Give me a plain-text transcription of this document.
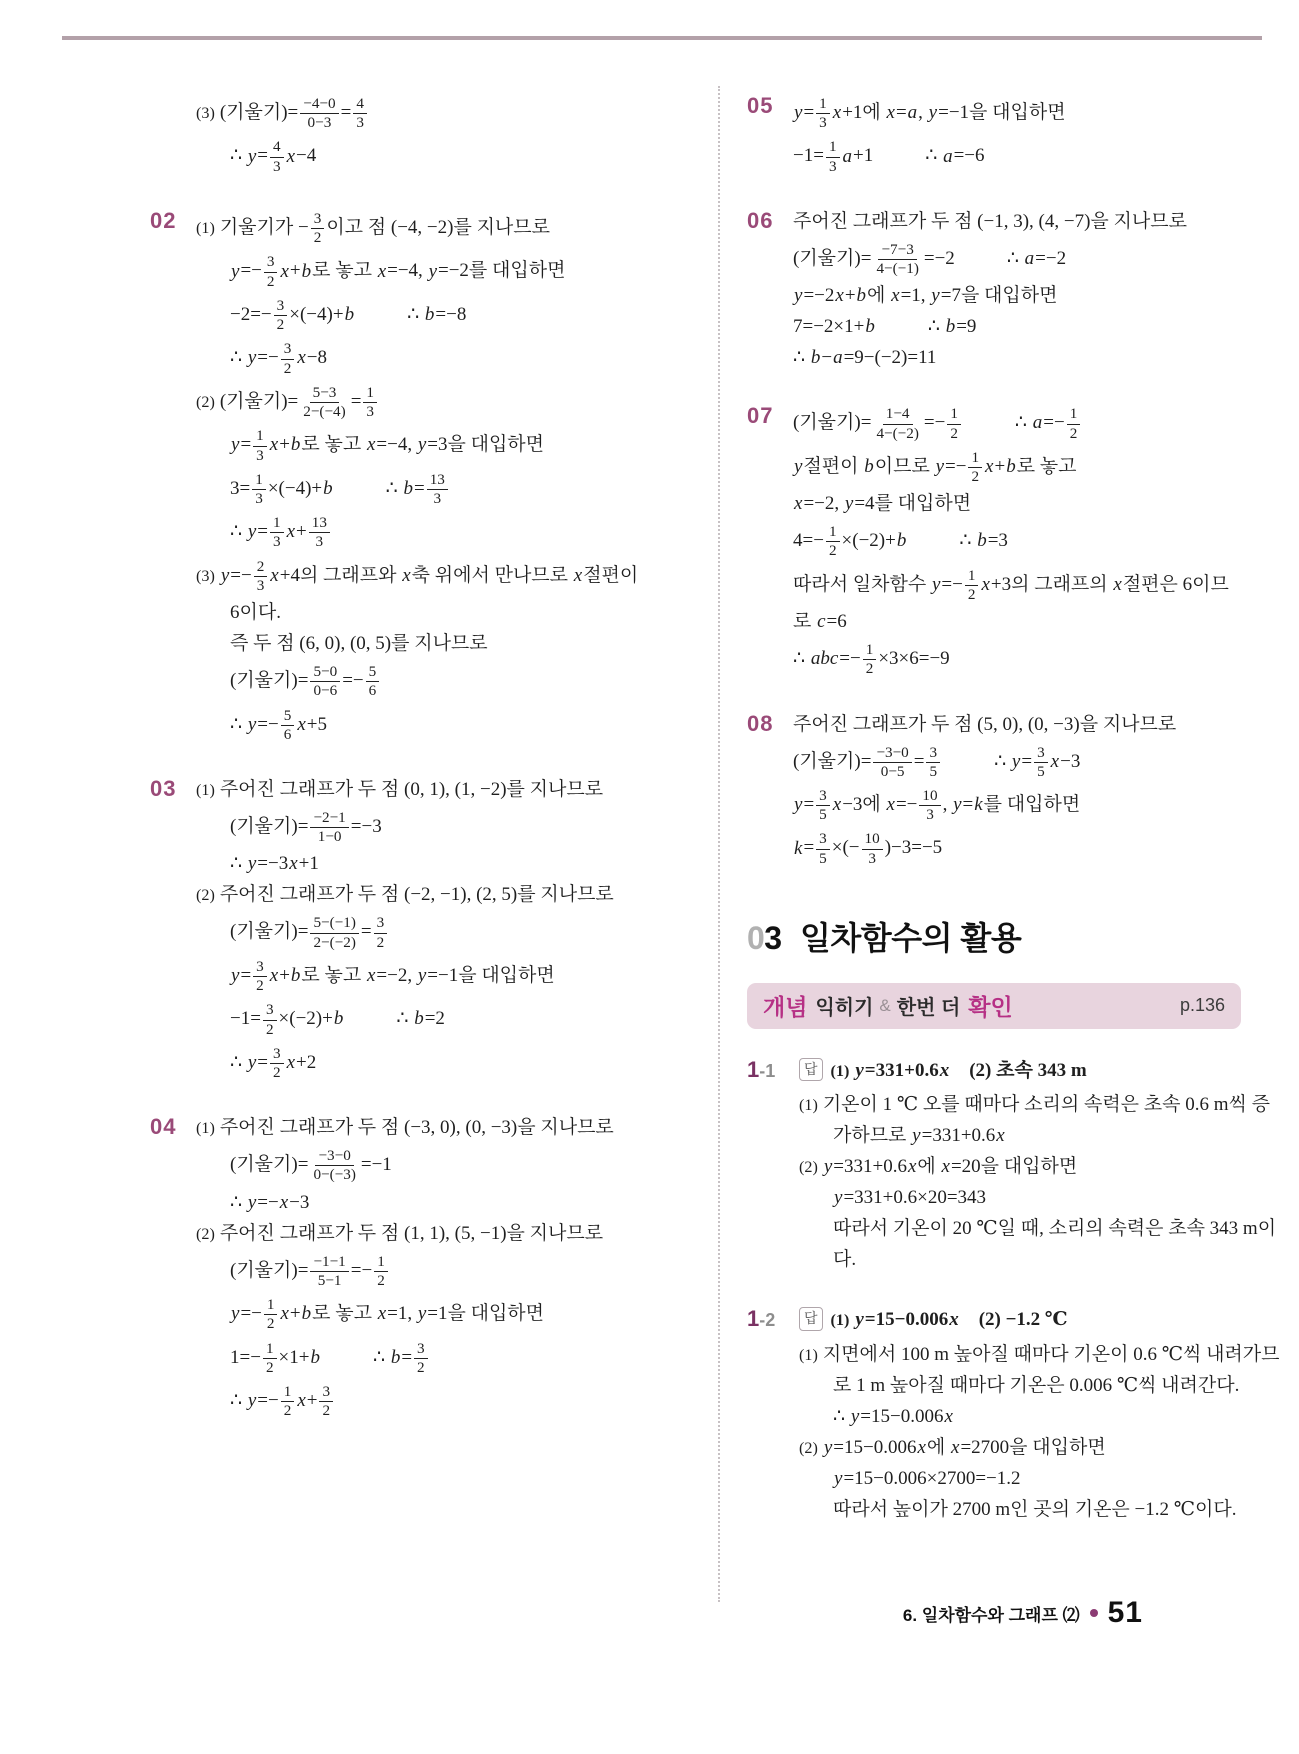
(3) (기울기)= $\frac{-4-0}{0-3} = \frac{4}{3}$
∴ $y= \frac{4}{3} x-4$
02	(1) 기울기가 − $\frac{3}{2}$ 이고 점 (−4, −2)를 지나므로
$y=- \frac{3}{2} x+b$로 놓고 x=−4, y=−2를 대입하면
$-2=- \frac{3}{2} \times(-4)+b$	∴ b=−8
∴ $y=- \frac{3}{2} x-8$
(2) (기울기)= $\frac{5-3}{2-(-4)} = \frac{1}{3}$
$y= \frac{1}{3} x+b$로 놓고 x=−4, y=3을 대입하면
$3= \frac{1}{3} \times(-4)+b$	∴ $b= \frac{13}{3}$
∴ $y= \frac{1}{3} x+ \frac{13}{3}$
(3) $y=- \frac{2}{3} x+4$의 그래프와 x축 위에서 만나므로 x절편이
6이다.
즉 두 점 (6, 0), (0, 5)를 지나므로
(기울기)= $\frac{5-0}{0-6} =- \frac{5}{6}$
∴ $y=- \frac{5}{6} x+5$
03	(1) 주어진 그래프가 두 점 (0, 1), (1, −2)를 지나므로
(기울기)= $\frac{-2-1}{1-0} =-3$
∴ y=−3x+1
(2) 주어진 그래프가 두 점 (−2, −1), (2, 5)를 지나므로
(기울기)= $\frac{5-(-1)}{2-(-2)} = \frac{3}{2}$
$y= \frac{3}{2} x+b$로 놓고 x=−2, y=−1을 대입하면
$-1= \frac{3}{2} \times(-2)+b$	∴ b=2
∴ $y= \frac{3}{2} x+2$
04	(1) 주어진 그래프가 두 점 (−3, 0), (0, −3)을 지나므로
(기울기)= $\frac{-3-0}{0-(-3)} =-1$
∴ y=−x−3
(2) 주어진 그래프가 두 점 (1, 1), (5, −1)을 지나므로
(기울기)= $\frac{-1-1}{5-1} =- \frac{1}{2}$
$y=- \frac{1}{2} x+b$로 놓고 x=1, y=1을 대입하면
$1=- \frac{1}{2} \times 1+b$	∴ $b= \frac{3}{2}$
∴ $y=- \frac{1}{2} x+ \frac{3}{2}$
05	$y= \frac{1}{3} x+1$에 x=a, y=−1을 대입하면
$-1= \frac{1}{3} a+1$	∴ a=−6
06	주어진 그래프가 두 점 (−1, 3), (4, −7)을 지나므로
(기울기)= $\frac{-7-3}{4-(-1)} =-2$	∴ a=−2
y=−2x+b에 x=1, y=7을 대입하면
7=−2×1+b	∴ b=9
∴ b−a=9−(−2)=11
07	(기울기)= $\frac{1-4}{4-(-2)} =- \frac{1}{2}$	∴ $a=- \frac{1}{2}$
y절편이 b이므로 $y=- \frac{1}{2} x+b$로 놓고
x=−2, y=4를 대입하면
$4=- \frac{1}{2} \times(-2)+b$	∴ b=3
따라서 일차함수 $y=- \frac{1}{2} x+3$의 그래프의 x절편은 6이므
로 c=6
∴ $abc=- \frac{1}{2} \times 3\times 6=-9$
08	주어진 그래프가 두 점 (5, 0), (0, −3)을 지나므로
(기울기)= $\frac{-3-0}{0-5} = \frac{3}{5}$	∴ $y= \frac{3}{5} x-3$
$y= \frac{3}{5} x-3$에 $x=- \frac{10}{3}$ , y=k를 대입하면
$k= \frac{3}{5}$ ×(− $\frac{10}{3} )-3=-5$
03 일차함수의 활용
개념 익히기 & 한번 더 확인	p.136
1-1	답 (1) y=331+0.6x　(2) 초속 343 m
(1) 기온이 1 ℃ 오를 때마다 소리의 속력은 초속 0.6 m씩 증
가하므로 y=331+0.6x
(2) y=331+0.6x에 x=20을 대입하면
y=331+0.6×20=343
따라서 기온이 20 ℃일 때, 소리의 속력은 초속 343 m이
다.
1-2	답 (1) y=15−0.006x　(2) −1.2 ℃
(1) 지면에서 100 m 높아질 때마다 기온이 0.6 ℃씩 내려가므
로 1 m 높아질 때마다 기온은 0.006 ℃씩 내려간다.
∴ y=15−0.006x
(2) y=15−0.006x에 x=2700을 대입하면
y=15−0.006×2700=−1.2
따라서 높이가 2700 m인 곳의 기온은 −1.2 ℃이다.
6. 일차함수와 그래프 ⑵ 51
